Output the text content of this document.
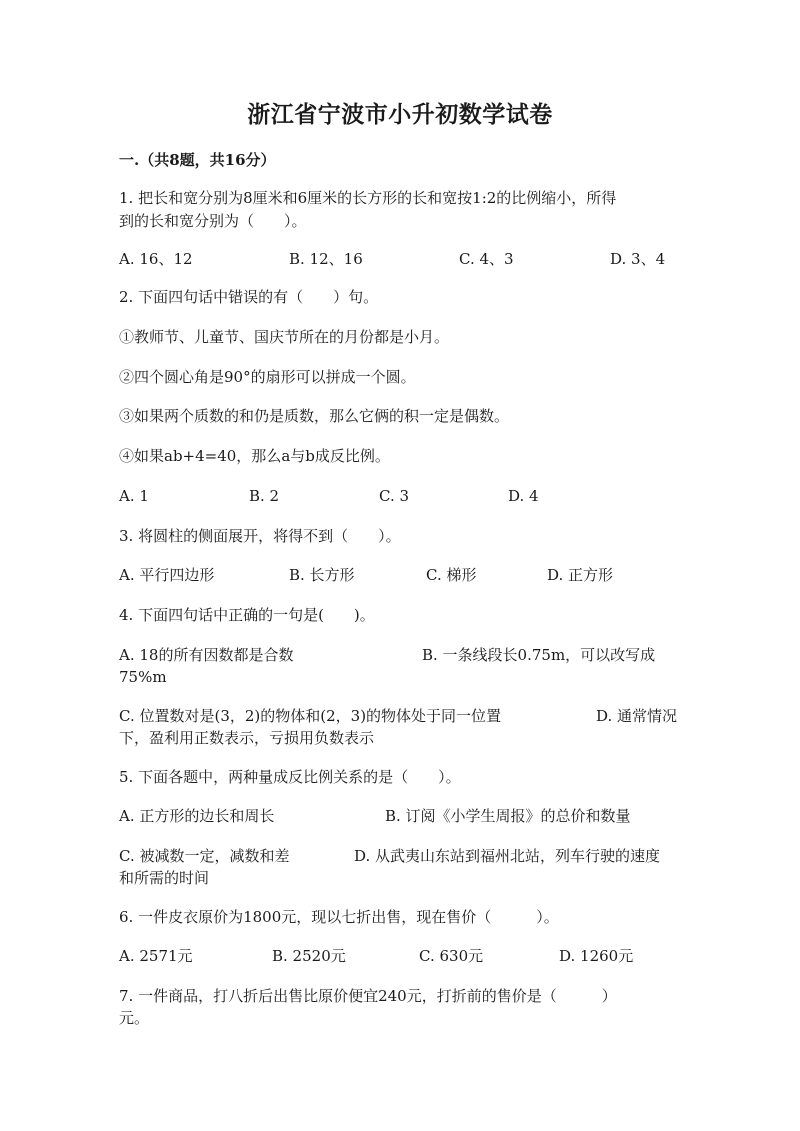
浙江省宁波市小升初数学试卷
一.（共8题，共16分）
1. 把长和宽分别为8厘米和6厘米的长方形的长和宽按1:2的比例缩小，所得
到的长和宽分别为（　　）。
A. 16、12	B. 12、16	C. 4、3	D. 3、4
2. 下面四句话中错误的有（　　）句。
①教师节、儿童节、国庆节所在的月份都是小月。
②四个圆心角是90°的扇形可以拼成一个圆。
③如果两个质数的和仍是质数，那么它俩的积一定是偶数。
④如果ab+4=40，那么a与b成反比例。
A. 1	B. 2	C. 3	D. 4
3. 将圆柱的侧面展开，将得不到（　　）。
A. 平行四边形	B. 长方形	C. 梯形	D. 正方形
4. 下面四句话中正确的一句是(　　)。
A. 18的所有因数都是合数	B. 一条线段长0.75m，可以改写成
75%m
C. 位置数对是(3，2)的物体和(2，3)的物体处于同一位置	D. 通常情况
下，盈利用正数表示，亏损用负数表示
5. 下面各题中，两种量成反比例关系的是（　　）。
A. 正方形的边长和周长	B. 订阅《小学生周报》的总价和数量
C. 被减数一定，减数和差	D. 从武夷山东站到福州北站，列车行驶的速度
和所需的时间
6. 一件皮衣原价为1800元，现以七折出售，现在售价（　　　）。
A. 2571元	B. 2520元	C. 630元	D. 1260元
7. 一件商品，打八折后出售比原价便宜240元，打折前的售价是（　　　）
元。
